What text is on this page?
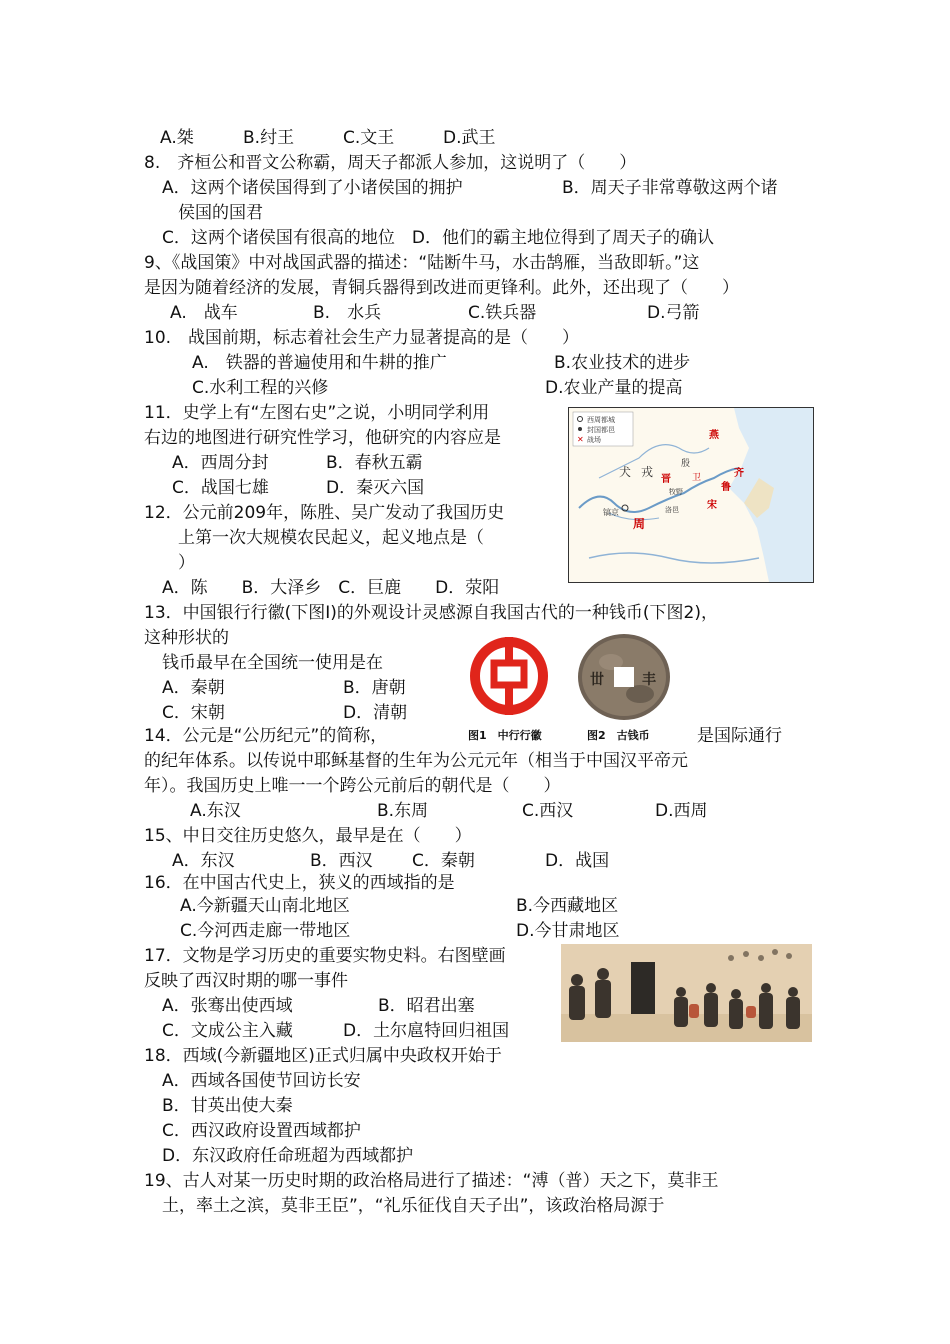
A.桀	B.纣王	C.文王	D.武王
8.　齐桓公和晋文公称霸，周天子都派人参加，这说明了（　　）
A．这两个诸侯国得到了小诸侯国的拥护	B．周天子非常尊敬这两个诸
侯国的国君
C．这两个诸侯国有很高的地位　D．他们的霸主地位得到了周天子的确认
9、《战国策》中对战国武器的描述：“陆断牛马，水击鹄雁，当敌即斩。”这
是因为随着经济的发展，青铜兵器得到改进而更锋利。此外，还出现了（　　）
A.　战车	B.　水兵	C.铁兵器	D.弓箭
10.　战国前期，标志着社会生产力显著提高的是（　　）
A.　铁器的普遍使用和牛耕的推广	B.农业技术的进步
C.水利工程的兴修	D.农业产量的提高
11．史学上有“左图右史”之说，小明同学利用
右边的地图进行研究性学习，他研究的内容应是
A．西周分封	B．春秋五霸
C．战国七雄	D．秦灭六国
✕
西周都城
封国都邑
战场
犬 戎
燕
齐
卫
鲁
宋
晋
殷
牧野
镐京	洛邑
周
12．公元前209年，陈胜、吴广发动了我国历史
上第一次大规模农民起义，起义地点是（
）
A．陈　　B．大泽乡　C．巨鹿　　D．荥阳
13．中国银行行徽(下图Ⅰ)的外观设计灵感源自我国古代的一种钱币(下图2)，
这种形状的
钱币最早在全国统一使用是在
A．秦朝	B．唐朝
C．宋朝	D．清朝
丗	丰
图1　中行行徽	图2　古钱币
14．公元是“公历纪元”的简称，	是国际通行
的纪年体系。以传说中耶稣基督的生年为公元元年（相当于中国汉平帝元
年）。我国历史上唯一一个跨公元前后的朝代是（　　）
A.东汉	B.东周	C.西汉	D.西周
15、中日交往历史悠久，最早是在（　　）
A．东汉	B．西汉 C．秦朝	D．战国
16．在中国古代史上，狭义的西域指的是
A.今新疆天山南北地区	B.今西藏地区
C.今河西走廊一带地区	D.今甘肃地区
17．文物是学习历史的重要实物史料。右图壁画
反映了西汉时期的哪一事件
A．张骞出使西域	B．昭君出塞
C．文成公主入藏	D．土尔扈特回归祖国
18．西域(今新疆地区)正式归属中央政权开始于
A．西域各国使节回访长安
B．甘英出使大秦
C．西汉政府设置西域都护
D．东汉政府任命班超为西域都护
19、古人对某一历史时期的政治格局进行了描述：“溥（普）天之下，莫非王
土，率土之滨，莫非王臣”，“礼乐征伐自天子出”，该政治格局源于
